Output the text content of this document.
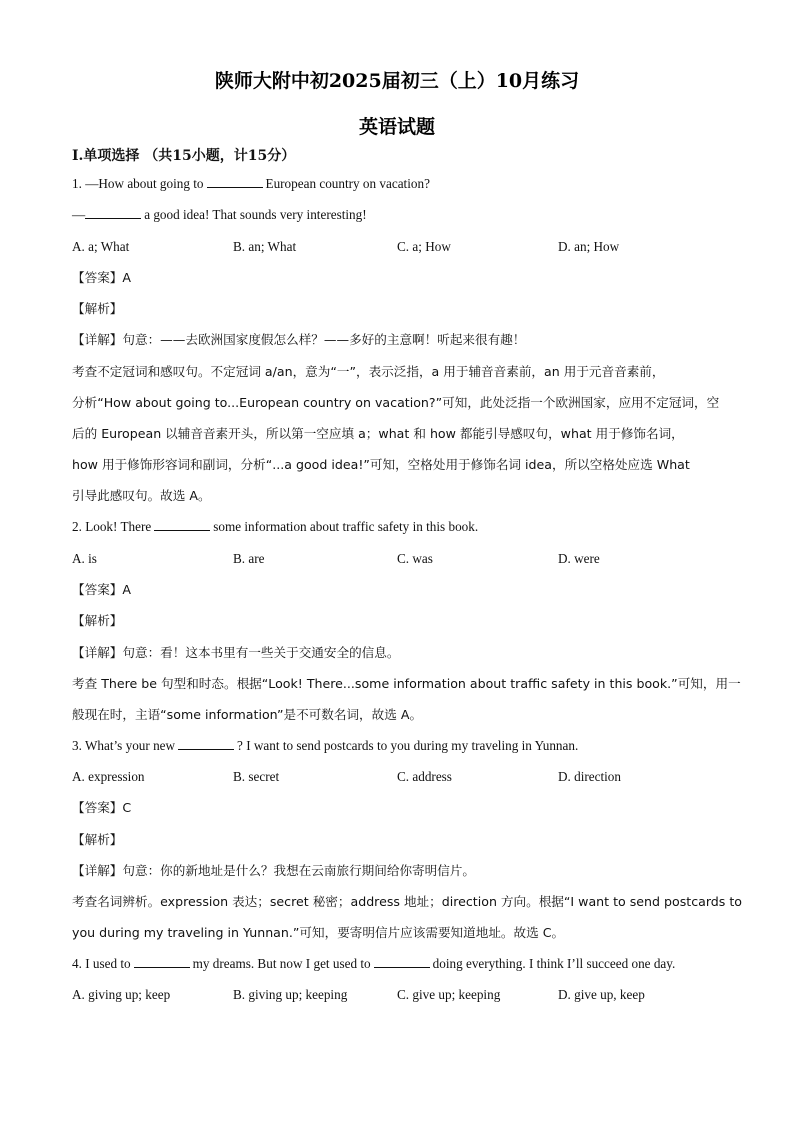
陕师大附中初2025届初三（上）10月练习
英语试题
I.单项选择 （共15小题，计15分）
1. —How about going to	European country on vacation?
—	a good idea! That sounds very interesting!
A. a; What	B. an; What	C. a; How	D. an; How
【答案】A
【解析】
【详解】句意：——去欧洲国家度假怎么样？——多好的主意啊！听起来很有趣！
考查不定冠词和感叹句。不定冠词 a/an，意为“一”，表示泛指，a 用于辅音音素前，an 用于元音音素前，
分析“How about going to...European country on vacation?”可知，此处泛指一个欧洲国家，应用不定冠词，空
后的 European 以辅音音素开头，所以第一空应填 a；what 和 how 都能引导感叹句，what 用于修饰名词，
how 用于修饰形容词和副词，分析“...a good idea!”可知，空格处用于修饰名词 idea，所以空格处应选 What
引导此感叹句。故选 A。
2. Look! There	some information about traffic safety in this book.
A. is	B. are	C. was	D. were
【答案】A
【解析】
【详解】句意：看！这本书里有一些关于交通安全的信息。
考查 There be 句型和时态。根据“Look! There...some information about traffic safety in this book.”可知，用一
般现在时，主语“some information”是不可数名词，故选 A。
3. What’s your new	? I want to send postcards to you during my traveling in Yunnan.
A. expression	B. secret	C. address	D. direction
【答案】C
【解析】
【详解】句意：你的新地址是什么？我想在云南旅行期间给你寄明信片。
考查名词辨析。expression 表达；secret 秘密；address 地址；direction 方向。根据“I want to send postcards to
you during my traveling in Yunnan.”可知，要寄明信片应该需要知道地址。故选 C。
4. I used to	my dreams. But now I get used to	doing everything. I think I’ll succeed one day.
A. giving up; keep	B. giving up; keeping	C. give up; keeping	D. give up, keep
